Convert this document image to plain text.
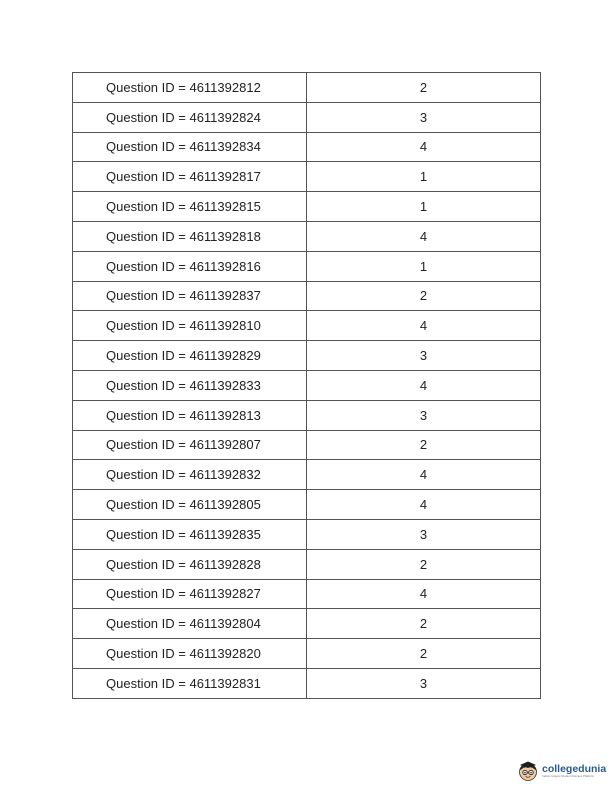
Question ID = 4611392812	2
Question ID = 4611392824	3
Question ID = 4611392834	4
Question ID = 4611392817	1
Question ID = 4611392815	1
Question ID = 4611392818	4
Question ID = 4611392816	1
Question ID = 4611392837	2
Question ID = 4611392810	4
Question ID = 4611392829	3
Question ID = 4611392833	4
Question ID = 4611392813	3
Question ID = 4611392807	2
Question ID = 4611392832	4
Question ID = 4611392805	4
Question ID = 4611392835	3
Question ID = 4611392828	2
Question ID = 4611392827	4
Question ID = 4611392804	2
Question ID = 4611392820	2
Question ID = 4611392831	3
collegedunia
India's largest Student Review Platform
